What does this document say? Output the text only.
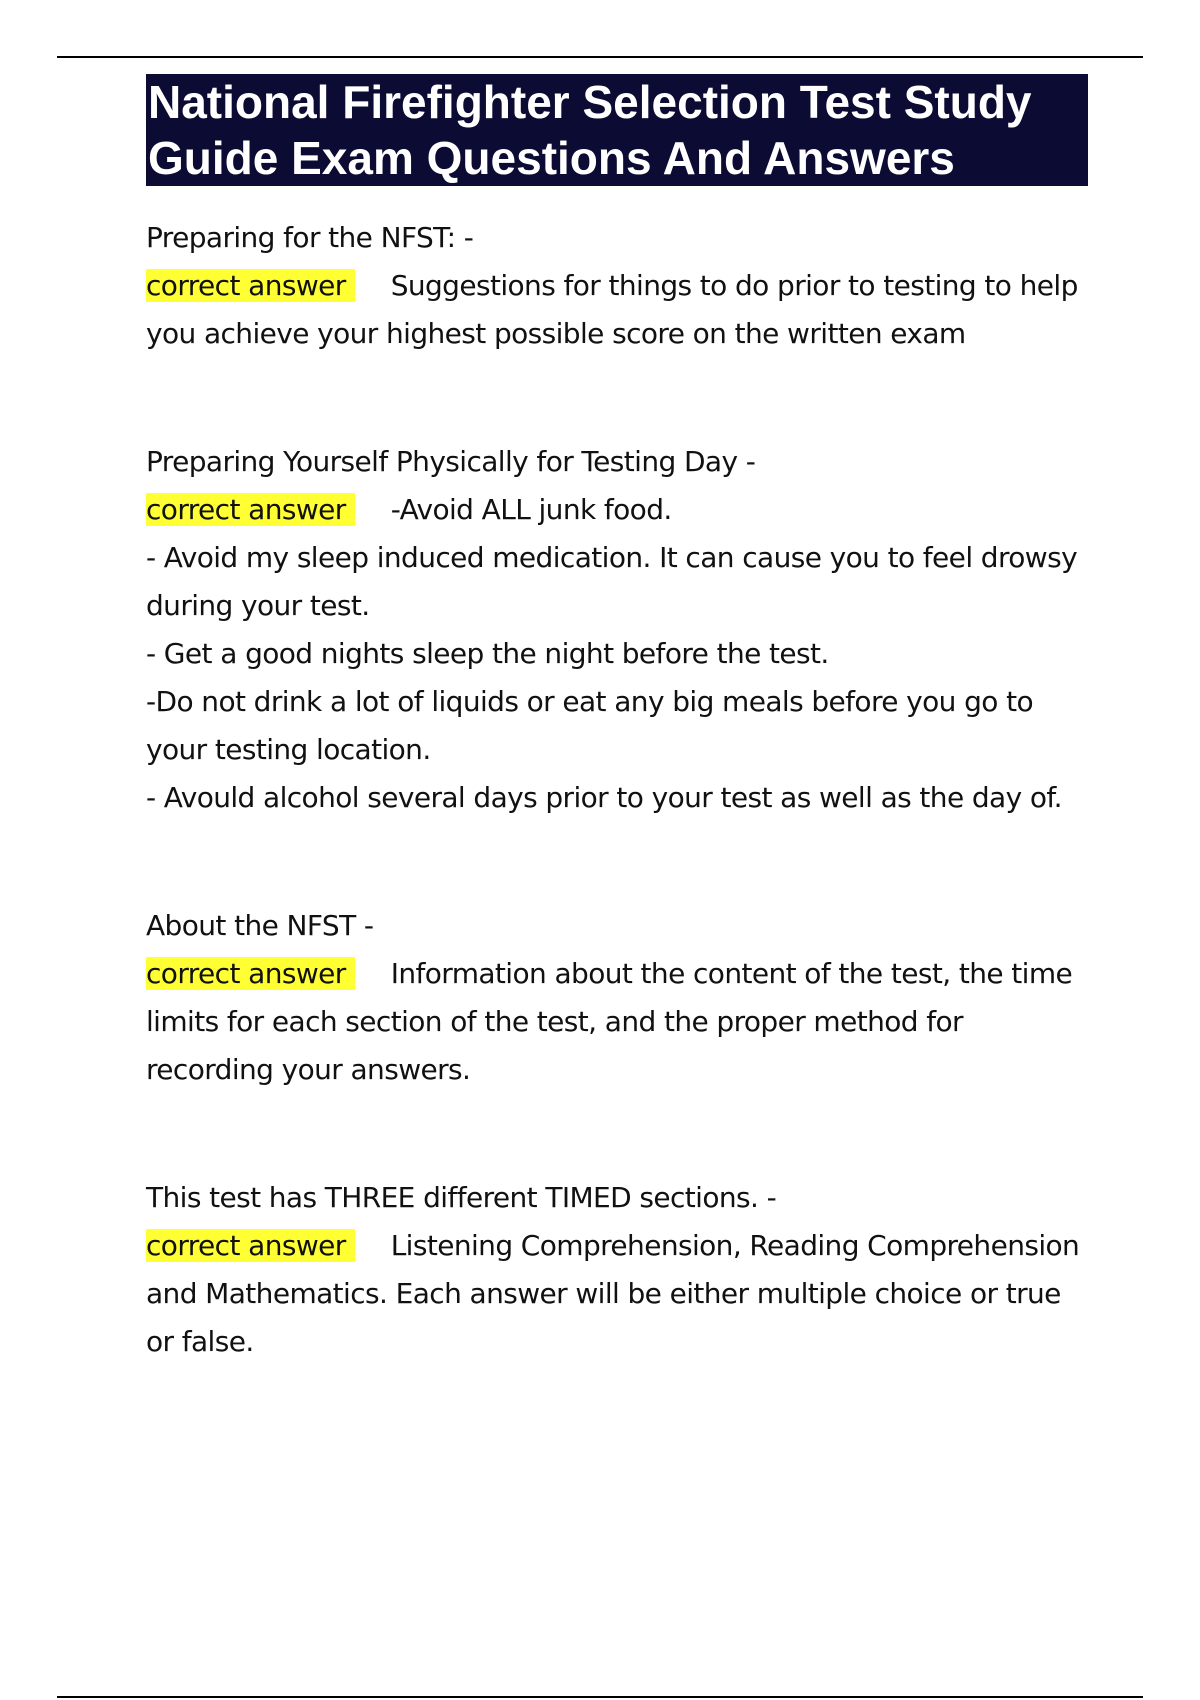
National Firefighter Selection Test Study Guide Exam Questions And Answers

Preparing for the NFST: -

correct answer Suggestions for things to do prior to testing to help you achieve your highest possible score on the written exam

Preparing Yourself Physically for Testing Day -

correct answer -Avoid ALL junk food.

- Avoid my sleep induced medication. It can cause you to feel drowsy during your test.

- Get a good nights sleep the night before the test.

-Do not drink a lot of liquids or eat any big meals before you go to your testing location.

- Avould alcohol several days prior to your test as well as the day of.

About the NFST -

correct answer Information about the content of the test, the time limits for each section of the test, and the proper method for recording your answers.

This test has THREE different TIMED sections. -

correct answer Listening Comprehension, Reading Comprehension and Mathematics. Each answer will be either multiple choice or true or false.
